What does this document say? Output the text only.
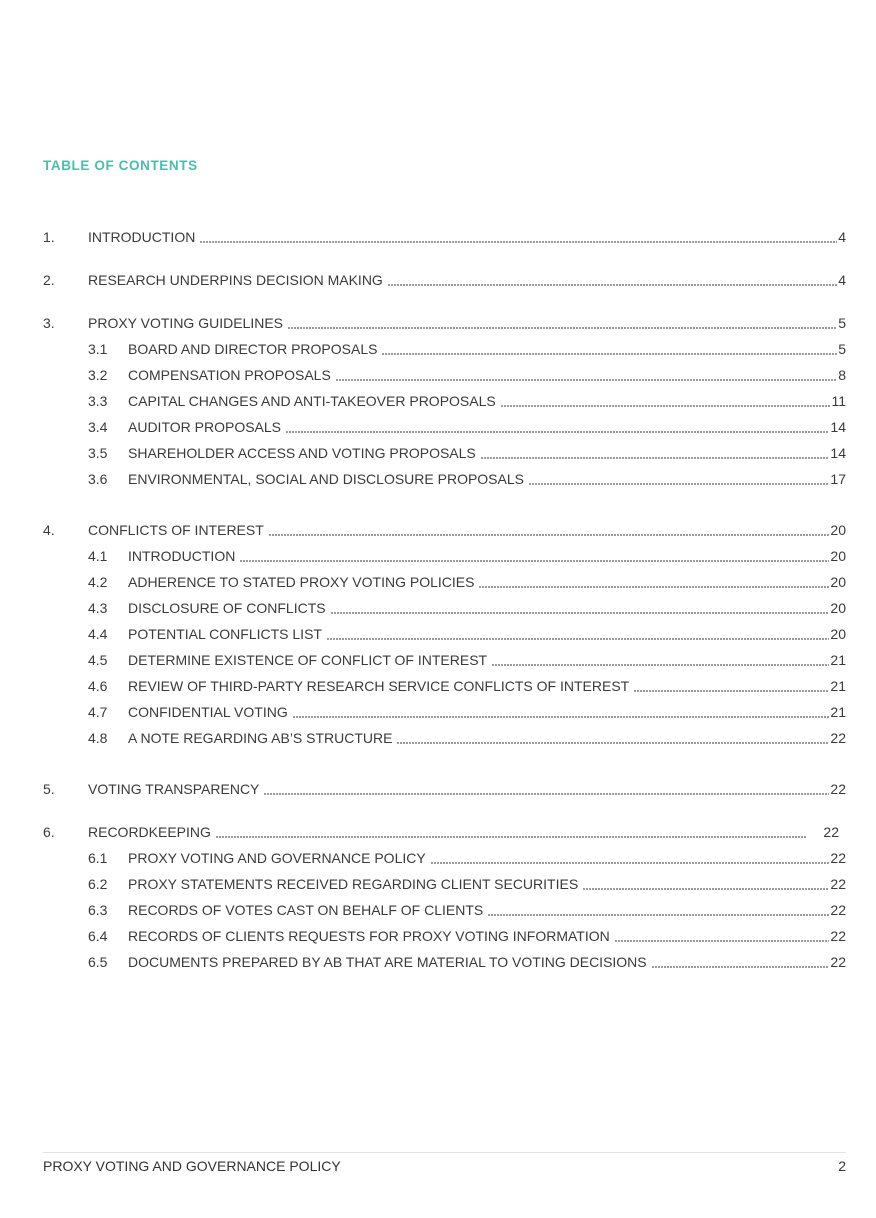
TABLE OF CONTENTS
1.	INTRODUCTION	4
2.	RESEARCH UNDERPINS DECISION MAKING	4
3.	PROXY VOTING GUIDELINES	5
3.1	BOARD AND DIRECTOR PROPOSALS	5
3.2	COMPENSATION PROPOSALS	8
3.3	CAPITAL CHANGES AND ANTI-TAKEOVER PROPOSALS	11
3.4	AUDITOR PROPOSALS	14
3.5	SHAREHOLDER ACCESS AND VOTING PROPOSALS	14
3.6	ENVIRONMENTAL, SOCIAL AND DISCLOSURE PROPOSALS	17
4.	CONFLICTS OF INTEREST	20
4.1	INTRODUCTION	20
4.2	ADHERENCE TO STATED PROXY VOTING POLICIES	20
4.3	DISCLOSURE OF CONFLICTS	20
4.4	POTENTIAL CONFLICTS LIST	20
4.5	DETERMINE EXISTENCE OF CONFLICT OF INTEREST	21
4.6	REVIEW OF THIRD-PARTY RESEARCH SERVICE CONFLICTS OF INTEREST	21
4.7	CONFIDENTIAL VOTING	21
4.8	A NOTE REGARDING AB’S STRUCTURE	22
5.	VOTING TRANSPARENCY	22
6.	RECORDKEEPING	22
6.1	PROXY VOTING AND GOVERNANCE POLICY	22
6.2	PROXY STATEMENTS RECEIVED REGARDING CLIENT SECURITIES	22
6.3	RECORDS OF VOTES CAST ON BEHALF OF CLIENTS	22
6.4	RECORDS OF CLIENTS REQUESTS FOR PROXY VOTING INFORMATION	22
6.5	DOCUMENTS PREPARED BY AB THAT ARE MATERIAL TO VOTING DECISIONS	22
PROXY VOTING AND GOVERNANCE POLICY	2
